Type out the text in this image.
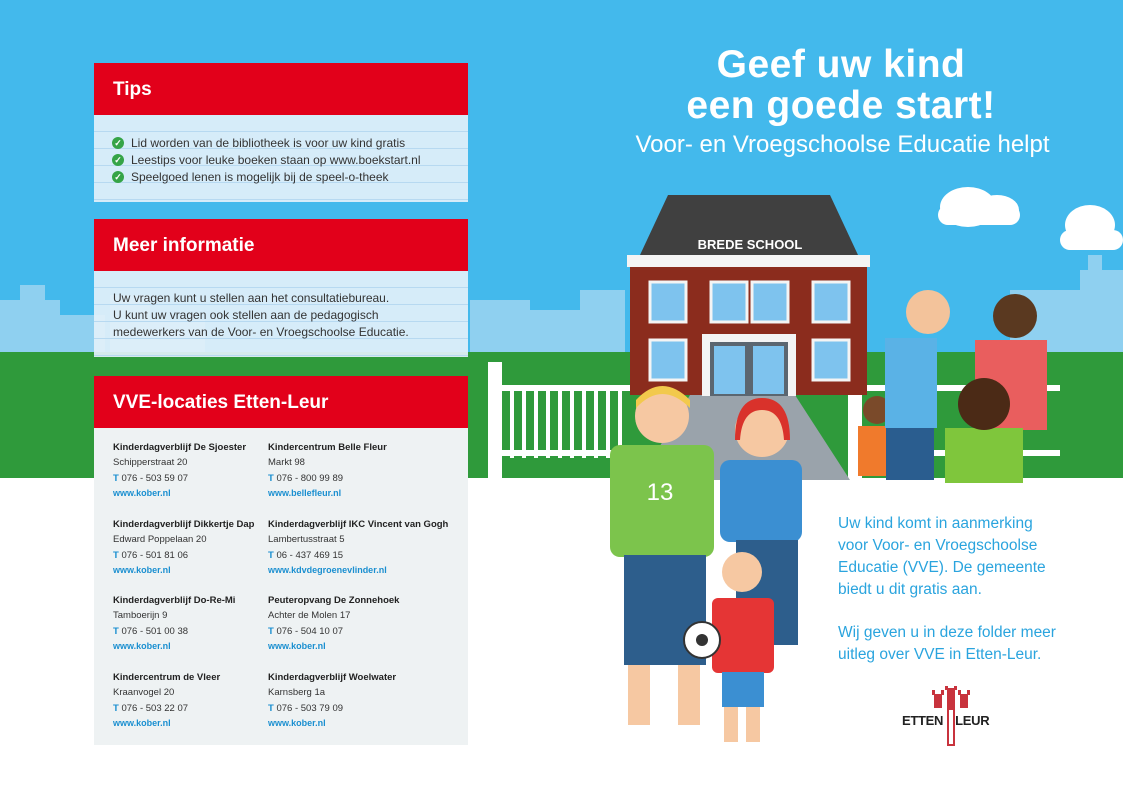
BREDE SCHOOL
13
Geef uw kind
een goede start!
Voor- en Vroegschoolse Educatie helpt
Tips
✓ Lid worden van de bibliotheek is voor uw kind gratis
✓ Leestips voor leuke boeken staan op www.boekstart.nl
✓ Speelgoed lenen is mogelijk bij de speel-o-theek
Meer informatie
Uw vragen kunt u stellen aan het consultatiebureau.
U kunt uw vragen ook stellen aan de pedagogisch
medewerkers van de Voor- en Vroegschoolse Educatie.
VVE-locaties Etten-Leur
Kinderdagverblijf De Sjoester
Schipperstraat 20
T 076 - 503 59 07
www.kober.nl
Kindercentrum Belle Fleur
Markt 98
T 076 - 800 99 89
www.bellefleur.nl
Kinderdagverblijf Dikkertje Dap
Edward Poppelaan 20
T 076 - 501 81 06
www.kober.nl
Kinderdagverblijf IKC Vincent van Gogh
Lambertusstraat 5
T 06 - 437 469 15
www.kdvdegroenevlinder.nl
Kinderdagverblijf Do-Re-Mi
Tamboerijn 9
T 076 - 501 00 38
www.kober.nl
Peuteropvang De Zonnehoek
Achter de Molen 17
T 076 - 504 10 07
www.kober.nl
Kindercentrum de Vleer
Kraanvogel 20
T 076 - 503 22 07
www.kober.nl
Kinderdagverblijf Woelwater
Karnsberg 1a
T 076 - 503 79 09
www.kober.nl

Uw kind komt in aanmerking
voor Voor- en Vroegschoolse
Educatie (VVE). De gemeente
biedt u dit gratis aan.

Wij geven u in deze folder meer
uitleg over VVE in Etten-Leur.

ETTEN LEUR
